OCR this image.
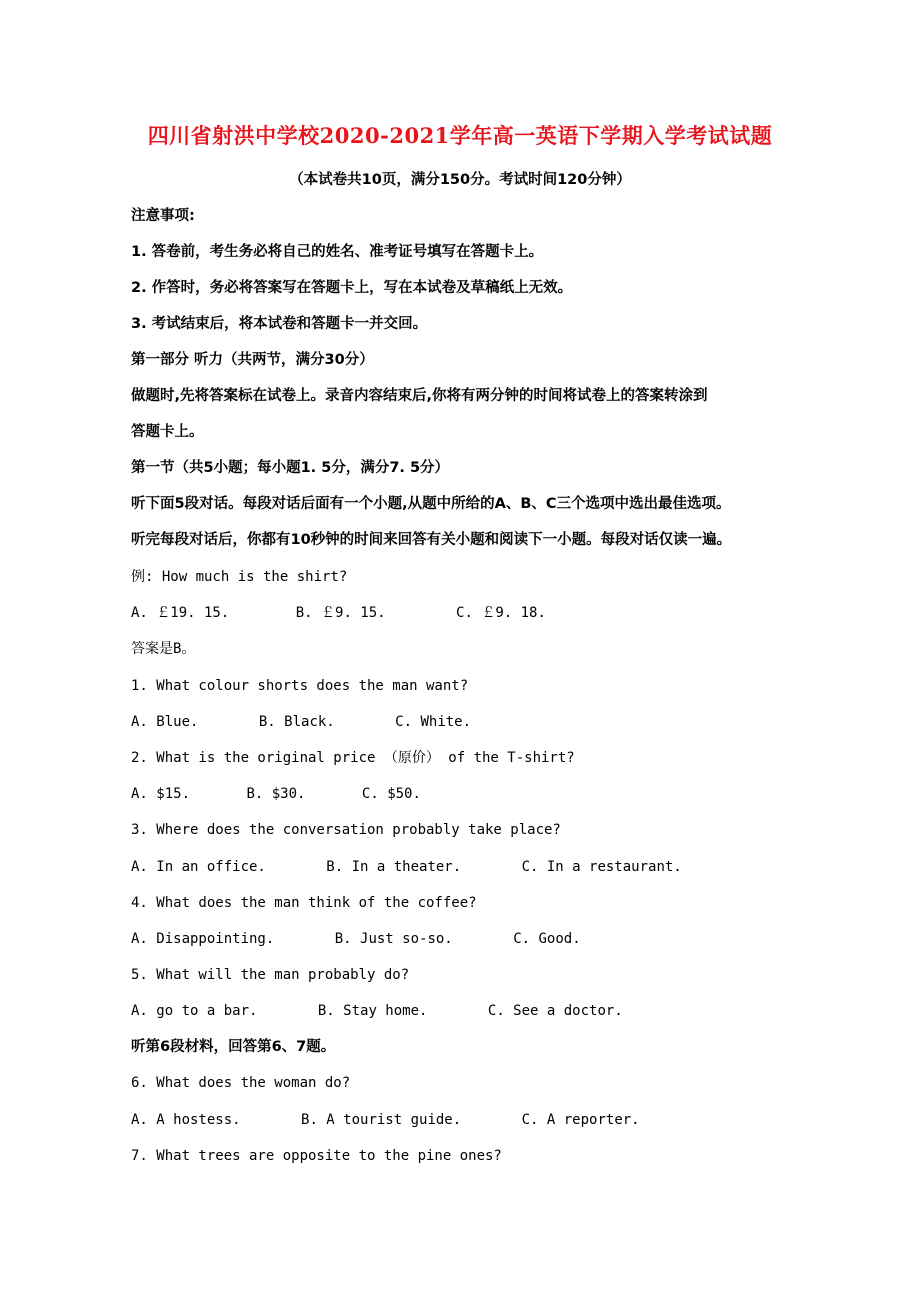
四川省射洪中学校2020-2021学年高一英语下学期入学考试试题
（本试卷共10页，满分150分。考试时间120分钟）
注意事项:
1. 答卷前，考生务必将自己的姓名、准考证号填写在答题卡上。
2. 作答时，务必将答案写在答题卡上，写在本试卷及草稿纸上无效。
3. 考试结束后，将本试卷和答题卡一并交回。
第一部分 听力（共两节，满分30分）
做题时,先将答案标在试卷上。录音内容结束后,你将有两分钟的时间将试卷上的答案转涂到
答题卡上。
第一节（共5小题；每小题1. 5分，满分7. 5分）
听下面5段对话。每段对话后面有一个小题,从题中所给的A、B、C三个选项中选出最佳选项。
听完每段对话后，你都有10秒钟的时间来回答有关小题和阅读下一小题。每段对话仅读一遍。
例: How much is the shirt?
A. ￡19. 15.	B. ￡9. 15.	C. ￡9. 18.
答案是B。
1. What colour shorts does the man want?
A. Blue.	B. Black.	C. White.
2. What is the original price （原价） of the T-shirt?
A. $15.	B. $30.	C. $50.
3. Where does the conversation probably take place?
A. In an office.	B. In a theater.	C. In a restaurant.
4. What does the man think of the coffee?
A. Disappointing.	B. Just so-so.	C. Good.
5. What will the man probably do?
A. go to a bar.	B. Stay home.	C. See a doctor.
听第6段材料，回答第6、7题。
6. What does the woman do?
A. A hostess.	B. A tourist guide.	C. A reporter.
7. What trees are opposite to the pine ones?
